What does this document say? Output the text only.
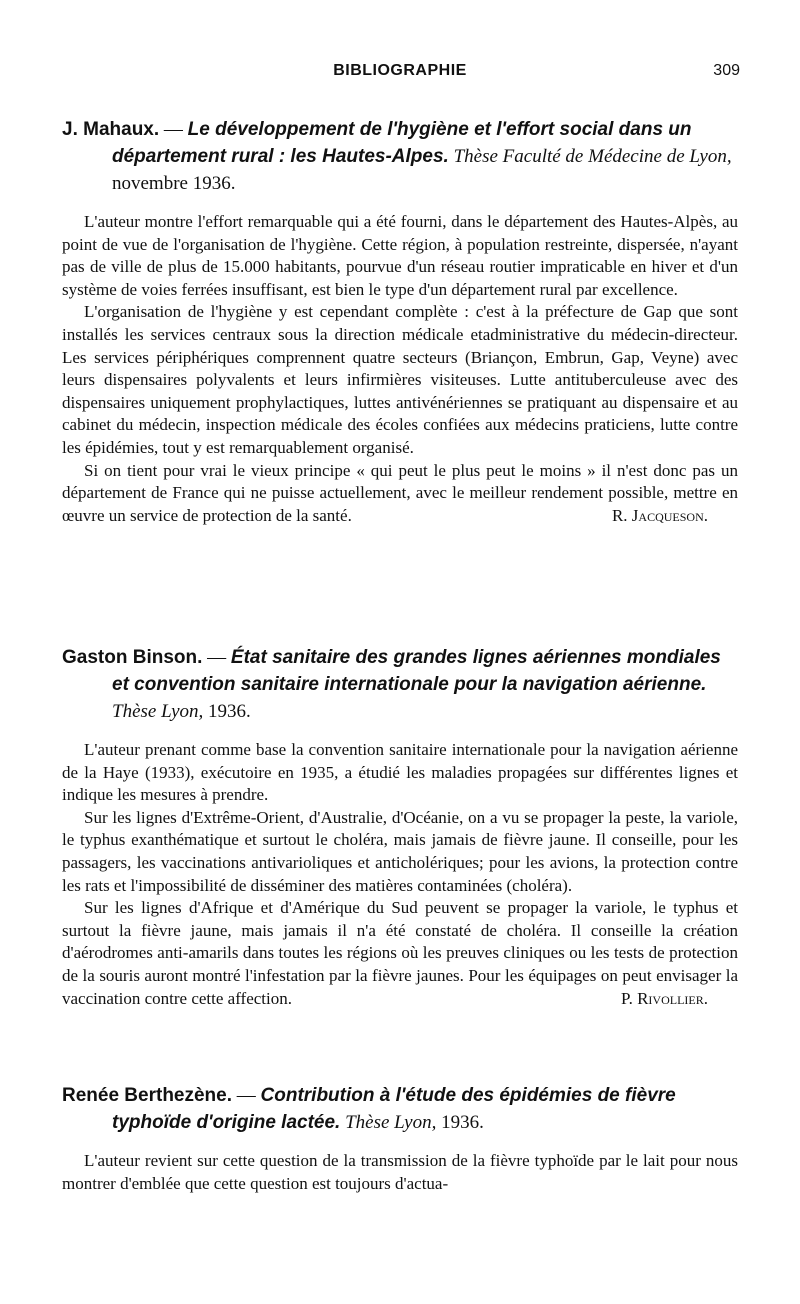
BIBLIOGRAPHIE	309

J. Mahaux. — Le développement de l'hygiène et l'effort social dans un département rural : les Hautes-Alpes. Thèse Faculté de Médecine de Lyon, novembre 1936.

L'auteur montre l'effort remarquable qui a été fourni, dans le département des Hautes-Alpès, au point de vue de l'organisation de l'hygiène. Cette région, à population restreinte, dispersée, n'ayant pas de ville de plus de 15.000 habitants, pourvue d'un réseau routier impraticable en hiver et d'un système de voies ferrées insuffisant, est bien le type d'un département rural par excellence.

L'organisation de l'hygiène y est cependant complète : c'est à la préfecture de Gap que sont installés les services centraux sous la direction médicale etadministrative du médecin-directeur. Les services périphériques comprennent quatre secteurs (Briançon, Embrun, Gap, Veyne) avec leurs dispensaires polyvalents et leurs infirmières visiteuses. Lutte antituberculeuse avec des dispensaires uniquement prophylactiques, luttes antivénériennes se pratiquant au dispensaire et au cabinet du médecin, inspection médicale des écoles confiées aux médecins praticiens, lutte contre les épidémies, tout y est remarquablement organisé.

Si on tient pour vrai le vieux principe « qui peut le plus peut le moins » il n'est donc pas un département de France qui ne puisse actuellement, avec le meilleur rendement possible, mettre en œuvre un service de protection de la santé.	R. Jacqueson.

Gaston Binson. — État sanitaire des grandes lignes aériennes mondiales et convention sanitaire internationale pour la navigation aérienne. Thèse Lyon, 1936.

L'auteur prenant comme base la convention sanitaire internationale pour la navigation aérienne de la Haye (1933), exécutoire en 1935, a étudié les maladies propagées sur différentes lignes et indique les mesures à prendre.

Sur les lignes d'Extrême-Orient, d'Australie, d'Océanie, on a vu se propager la peste, la variole, le typhus exanthématique et surtout le choléra, mais jamais de fièvre jaune. Il conseille, pour les passagers, les vaccinations antivarioliques et anticholériques; pour les avions, la protection contre les rats et l'impossibilité de disséminer des matières contaminées (choléra).

Sur les lignes d'Afrique et d'Amérique du Sud peuvent se propager la variole, le typhus et surtout la fièvre jaune, mais jamais il n'a été constaté de choléra. Il conseille la création d'aérodromes anti-amarils dans toutes les régions où les preuves cliniques ou les tests de protection de la souris auront montré l'infestation par la fièvre jaunes. Pour les équipages on peut envisager la vaccination contre cette affection.	P. Rivollier.

Renée Berthezène. — Contribution à l'étude des épidémies de fièvre typhoïde d'origine lactée. Thèse Lyon, 1936.

L'auteur revient sur cette question de la transmission de la fièvre typhoïde par le lait pour nous montrer d'emblée que cette question est toujours d'actua-
